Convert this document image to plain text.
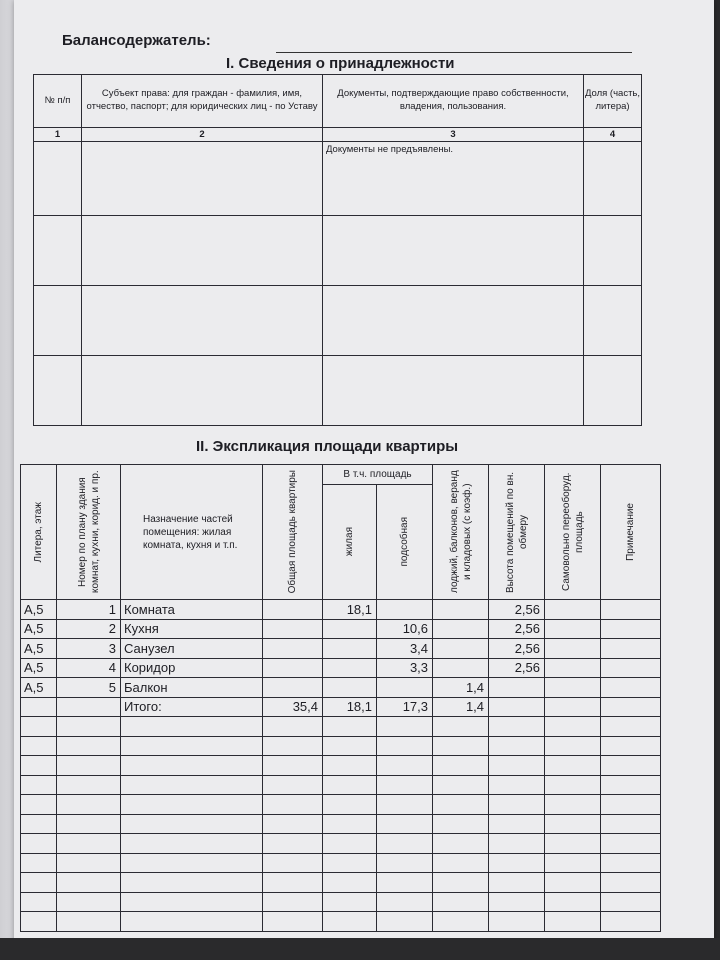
Балансодержатель:
I. Сведения о принадлежности
№ п/п	Субъект права: для граждан - фамилия, имя, отчество, паспорт; для юридических лиц - по Уставу	Документы, подтверждающие право собственности, владения, пользования.	Доля (часть, литера)
1	2	3	4
		Документы не предъявлены.	

II. Экспликация площади квартиры
Литера, этаж	Номер по плану здания комнат, кухни, корид. и пр.	Назначение частей помещения: жилая комната, кухня и т.п.	Общая площадь квартиры	В т.ч. площадь		лоджий, балконов, веранд и кладовых (с коэф.)	Высота помещений по вн. обмеру	Самовольно переоборуд. площадь	Примечание

				жилая	подсобная				

А,5	1	Комната		18,1			2,56		
А,5	2	Кухня			10,6		2,56		
А,5	3	Санузел			3,4		2,56		
А,5	4	Коридор			3,3		2,56		
А,5	5	Балкон				1,4			
		Итого:	35,4	18,1	17,3	1,4			
